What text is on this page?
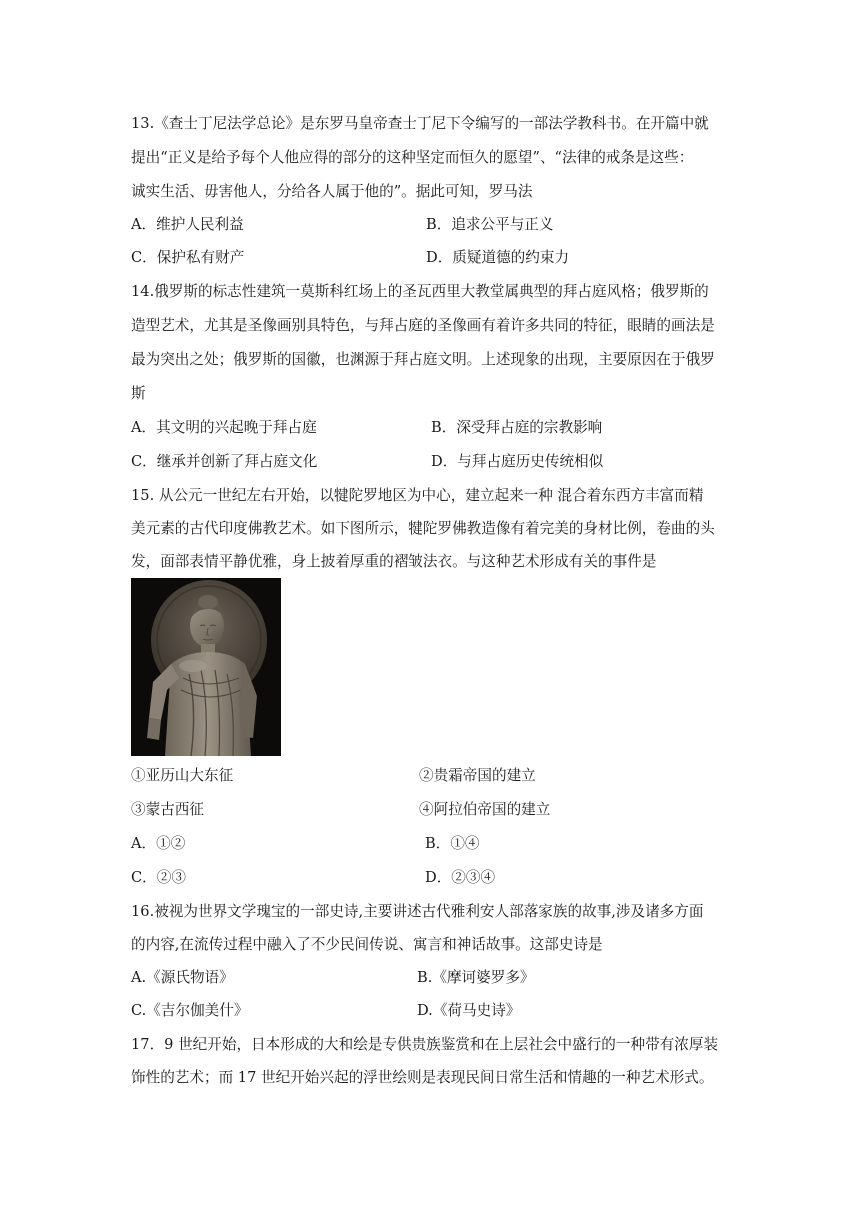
13.《查士丁尼法学总论》是东罗马皇帝查士丁尼下令编写的一部法学教科书。在开篇中就
提出“正义是给予每个人他应得的部分的这种坚定而恒久的愿望”、“法律的戒条是这些：
诚实生活、毋害他人，分给各人属于他的”。据此可知，罗马法
A．维护人民利益	B．追求公平与正义
C．保护私有财产	D．质疑道德的约束力
14.俄罗斯的标志性建筑一莫斯科红场上的圣瓦西里大教堂属典型的拜占庭风格；俄罗斯的
造型艺术，尤其是圣像画别具特色，与拜占庭的圣像画有着许多共同的特征，眼睛的画法是
最为突出之处；俄罗斯的国徽，也渊源于拜占庭文明。上述现象的出现，主要原因在于俄罗
斯
A．其文明的兴起晚于拜占庭	B．深受拜占庭的宗教影响
C．继承并创新了拜占庭文化	D．与拜占庭历史传统相似
15. 从公元一世纪左右开始，以犍陀罗地区为中心，建立起来一种 混合着东西方丰富而精
美元素的古代印度佛教艺术。如下图所示，犍陀罗佛教造像有着完美的身材比例，卷曲的头
发，面部表情平静优雅，身上披着厚重的褶皱法衣。与这种艺术形成有关的事件是
①亚历山大东征	②贵霜帝国的建立
③蒙古西征	④阿拉伯帝国的建立
A．①②	B．①④
C．②③	D．②③④
16.被视为世界文学瑰宝的一部史诗,主要讲述古代雅利安人部落家族的故事,涉及诸多方面
的内容,在流传过程中融入了不少民间传说、寓言和神话故事。这部史诗是
A.《源氏物语》	B.《摩诃婆罗多》
C.《吉尔伽美什》	D.《荷马史诗》
17．9 世纪开始，日本形成的大和绘是专供贵族鉴赏和在上层社会中盛行的一种带有浓厚装
饰性的艺术；而 17 世纪开始兴起的浮世绘则是表现民间日常生活和情趣的一种艺术形式。
